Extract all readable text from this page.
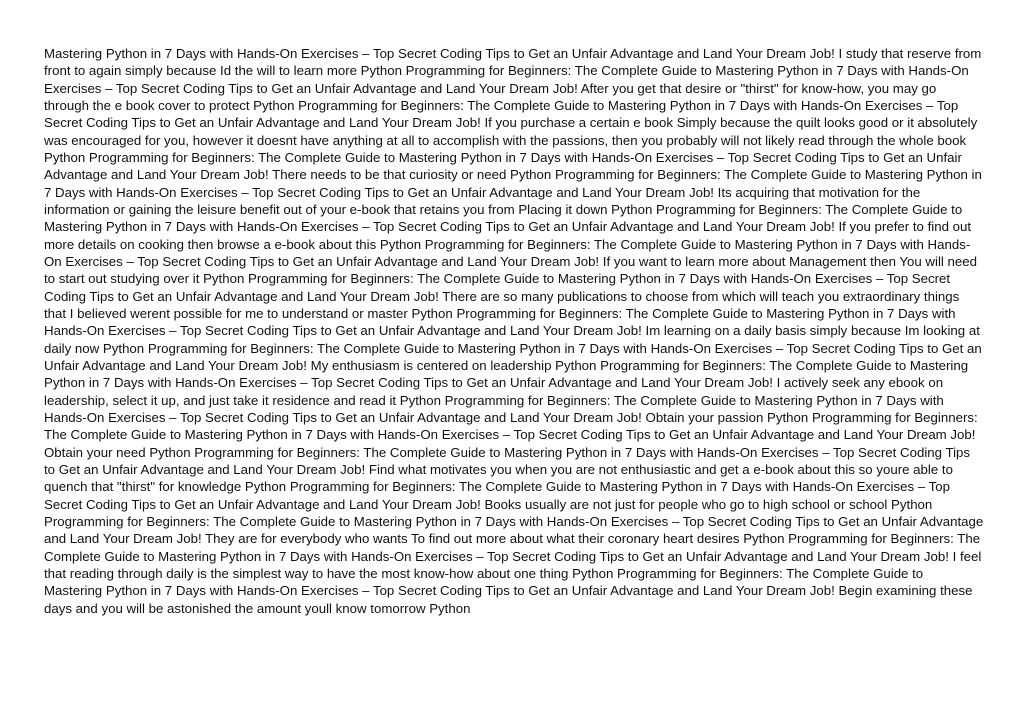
Mastering Python in 7 Days with Hands-On Exercises – Top Secret Coding Tips to Get an Unfair Advantage and Land Your Dream Job! I study that reserve from front to again simply because Id the will to learn more Python Programming for Beginners: The Complete Guide to Mastering Python in 7 Days with Hands-On Exercises – Top Secret Coding Tips to Get an Unfair Advantage and Land Your Dream Job! After you get that desire or "thirst" for know-how, you may go through the e book cover to protect Python Programming for Beginners: The Complete Guide to Mastering Python in 7 Days with Hands-On Exercises – Top Secret Coding Tips to Get an Unfair Advantage and Land Your Dream Job! If you purchase a certain e book Simply because the quilt looks good or it absolutely was encouraged for you, however it doesnt have anything at all to accomplish with the passions, then you probably will not likely read through the whole book Python Programming for Beginners: The Complete Guide to Mastering Python in 7 Days with Hands-On Exercises – Top Secret Coding Tips to Get an Unfair Advantage and Land Your Dream Job! There needs to be that curiosity or need Python Programming for Beginners: The Complete Guide to Mastering Python in 7 Days with Hands-On Exercises – Top Secret Coding Tips to Get an Unfair Advantage and Land Your Dream Job! Its acquiring that motivation for the information or gaining the leisure benefit out of your e-book that retains you from Placing it down Python Programming for Beginners: The Complete Guide to Mastering Python in 7 Days with Hands-On Exercises – Top Secret Coding Tips to Get an Unfair Advantage and Land Your Dream Job! If you prefer to find out more details on cooking then browse a e-book about this Python Programming for Beginners: The Complete Guide to Mastering Python in 7 Days with Hands-On Exercises – Top Secret Coding Tips to Get an Unfair Advantage and Land Your Dream Job! If you want to learn more about Management then You will need to start out studying over it Python Programming for Beginners: The Complete Guide to Mastering Python in 7 Days with Hands-On Exercises – Top Secret Coding Tips to Get an Unfair Advantage and Land Your Dream Job! There are so many publications to choose from which will teach you extraordinary things that I believed werent possible for me to understand or master Python Programming for Beginners: The Complete Guide to Mastering Python in 7 Days with Hands-On Exercises – Top Secret Coding Tips to Get an Unfair Advantage and Land Your Dream Job! Im learning on a daily basis simply because Im looking at daily now Python Programming for Beginners: The Complete Guide to Mastering Python in 7 Days with Hands-On Exercises – Top Secret Coding Tips to Get an Unfair Advantage and Land Your Dream Job! My enthusiasm is centered on leadership Python Programming for Beginners: The Complete Guide to Mastering Python in 7 Days with Hands-On Exercises – Top Secret Coding Tips to Get an Unfair Advantage and Land Your Dream Job! I actively seek any ebook on leadership, select it up, and just take it residence and read it Python Programming for Beginners: The Complete Guide to Mastering Python in 7 Days with Hands-On Exercises – Top Secret Coding Tips to Get an Unfair Advantage and Land Your Dream Job! Obtain your passion Python Programming for Beginners: The Complete Guide to Mastering Python in 7 Days with Hands-On Exercises – Top Secret Coding Tips to Get an Unfair Advantage and Land Your Dream Job! Obtain your need Python Programming for Beginners: The Complete Guide to Mastering Python in 7 Days with Hands-On Exercises – Top Secret Coding Tips to Get an Unfair Advantage and Land Your Dream Job! Find what motivates you when you are not enthusiastic and get a e-book about this so youre able to quench that "thirst" for knowledge Python Programming for Beginners: The Complete Guide to Mastering Python in 7 Days with Hands-On Exercises – Top Secret Coding Tips to Get an Unfair Advantage and Land Your Dream Job! Books usually are not just for people who go to high school or school Python Programming for Beginners: The Complete Guide to Mastering Python in 7 Days with Hands-On Exercises – Top Secret Coding Tips to Get an Unfair Advantage and Land Your Dream Job! They are for everybody who wants To find out more about what their coronary heart desires Python Programming for Beginners: The Complete Guide to Mastering Python in 7 Days with Hands-On Exercises – Top Secret Coding Tips to Get an Unfair Advantage and Land Your Dream Job! I feel that reading through daily is the simplest way to have the most know-how about one thing Python Programming for Beginners: The Complete Guide to Mastering Python in 7 Days with Hands-On Exercises – Top Secret Coding Tips to Get an Unfair Advantage and Land Your Dream Job! Begin examining these days and you will be astonished the amount youll know tomorrow Python
